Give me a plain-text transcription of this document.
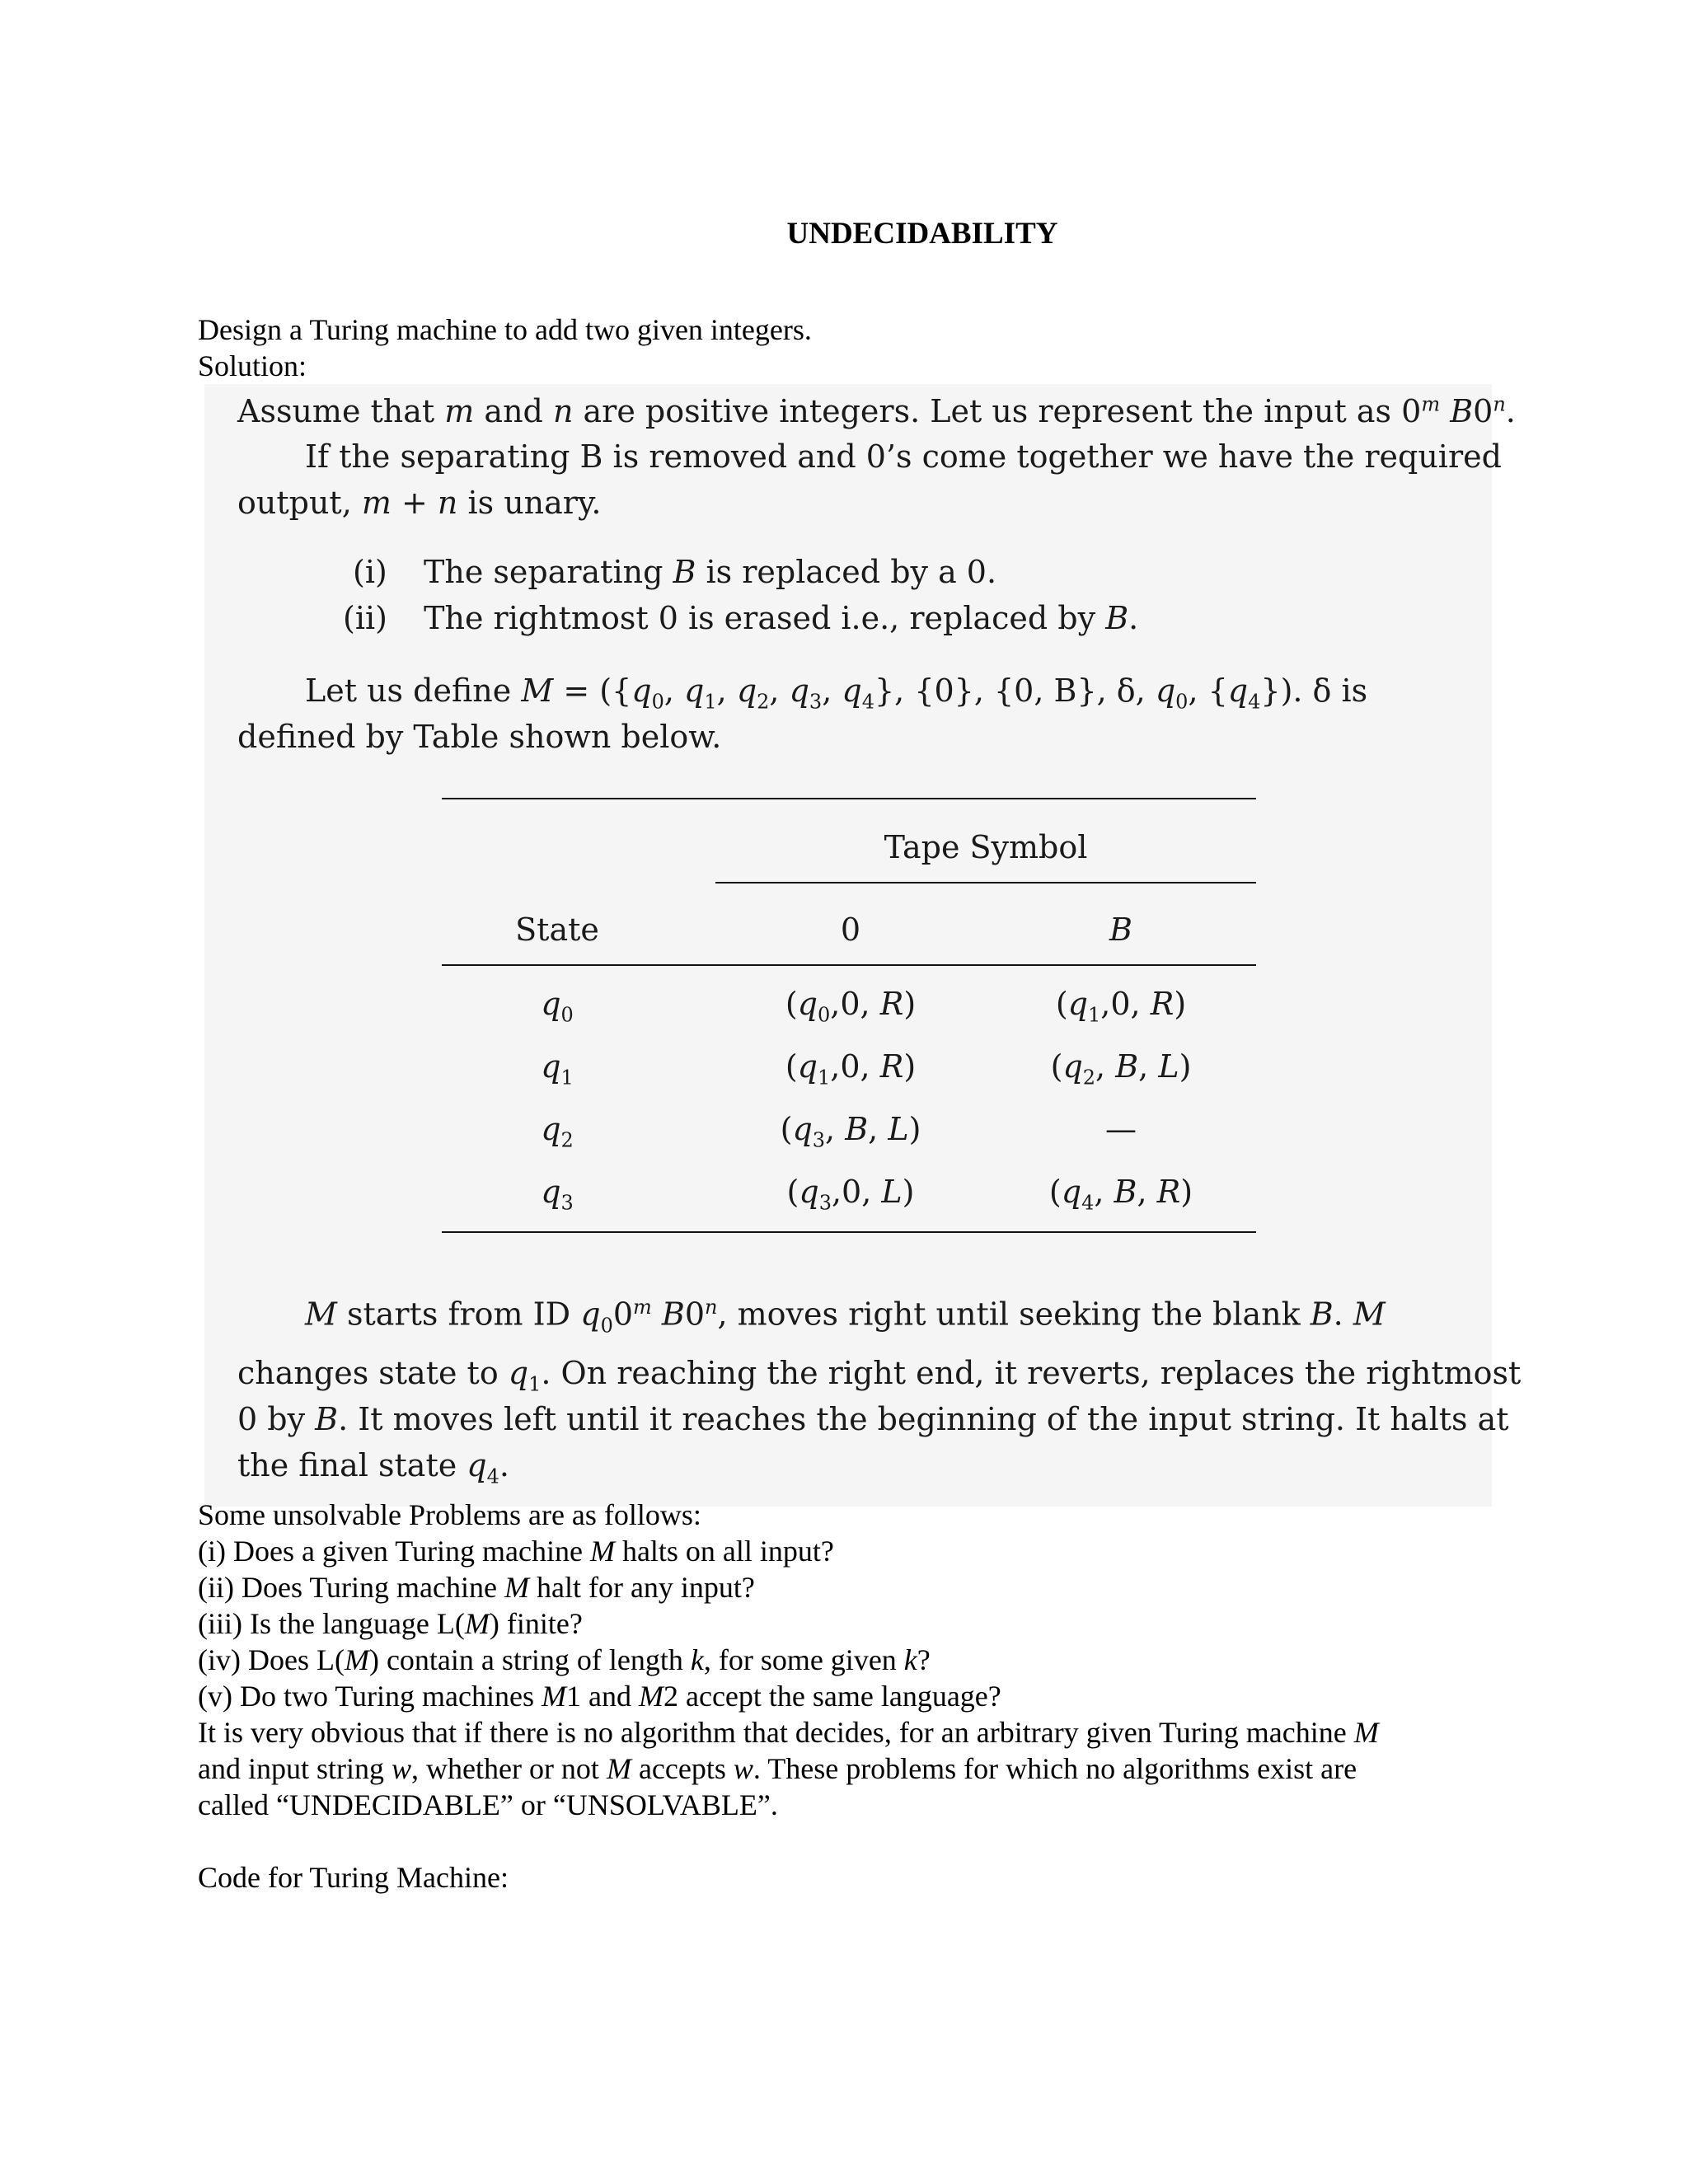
UNDECIDABILITY
Design a Turing machine to add two given integers.
Solution:
Assume that m and n are positive integers. Let us represent the input as 0$^m$ B0$^n$.
If the separating B is removed and 0’s come together we have the required
output, m + n is unary.
(i) The separating B is replaced by a 0.
(ii) The rightmost 0 is erased i.e., replaced by B.
Let us define $M = (\{q_0$, $q_1$, $q_2$, $q_3$, $q_4$}, {0}, {0, B}, δ, $q_0$, $\{q_4\}$). δ is
defined by Table shown below.
Tape Symbol
State	0	B
$q_0$	($q_0,0$, R)	($q_1,0$, R)
$q_1$	($q_1,0$, R)	($q_2$, B, L)
$q_2$	($q_3$, B, L)	—
$q_3$	($q_3,0$, L)	($q_4$, B, R)
M starts from ID $q_00^m$ B0$^n$, moves right until seeking the blank B. M
changes state to $q_1$. On reaching the right end, it reverts, replaces the rightmost
0 by B. It moves left until it reaches the beginning of the input string. It halts at
the final state $q_4$.
Some unsolvable Problems are as follows:
(i) Does a given Turing machine M halts on all input?
(ii) Does Turing machine M halt for any input?
(iii) Is the language L(M) finite?
(iv) Does L(M) contain a string of length k, for some given k?
(v) Do two Turing machines M1 and M2 accept the same language?
It is very obvious that if there is no algorithm that decides, for an arbitrary given Turing machine M
and input string w, whether or not M accepts w. These problems for which no algorithms exist are
called “UNDECIDABLE” or “UNSOLVABLE”.
Code for Turing Machine:
